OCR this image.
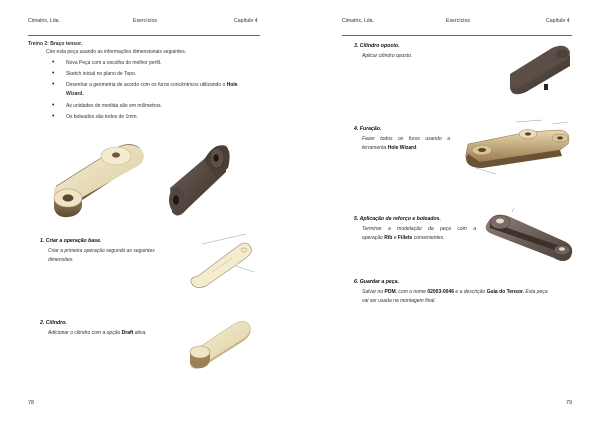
Cimatrix, Lda.	Exercícios	Capítulo 4
Treino 2: Braço tensor.
Crie esta peça usando as informações dimensionais seguintes.
• Nova Peça com a escolha do melhor perfil.
• Sketch inicial no plano de Topo.
• Desenhar a geometria de acordo com os furos concêntricos utilizando o Hole
Wizard.
• As unidades de medida são em milímetros.
• Os boleados são todos de 1mm.
1. Criar a operação base.
Criar a primeira operação segundo as seguintes
dimensões.
2. Cilindro.
Adicionar o cilindro com a opção Draft ativa.
78
Cimatrix, Lda.	Exercícios	Capítulo 4
3. Cilindro oposto.
Aplicar cilindro oposto.
4. Furação.
Fazer todos os furos usando a
ferramenta Hole Wizard.
5. Aplicação de reforço e boleados.
Terminar a modelação da peça com a
operação Rib e Fillets convenientes.
6. Guardar a peça.
Salvar no PDM, com o nome 02003-0046 e a descrição Guia do Tensor. Esta peça
vai ser usada na montagem final.
79
